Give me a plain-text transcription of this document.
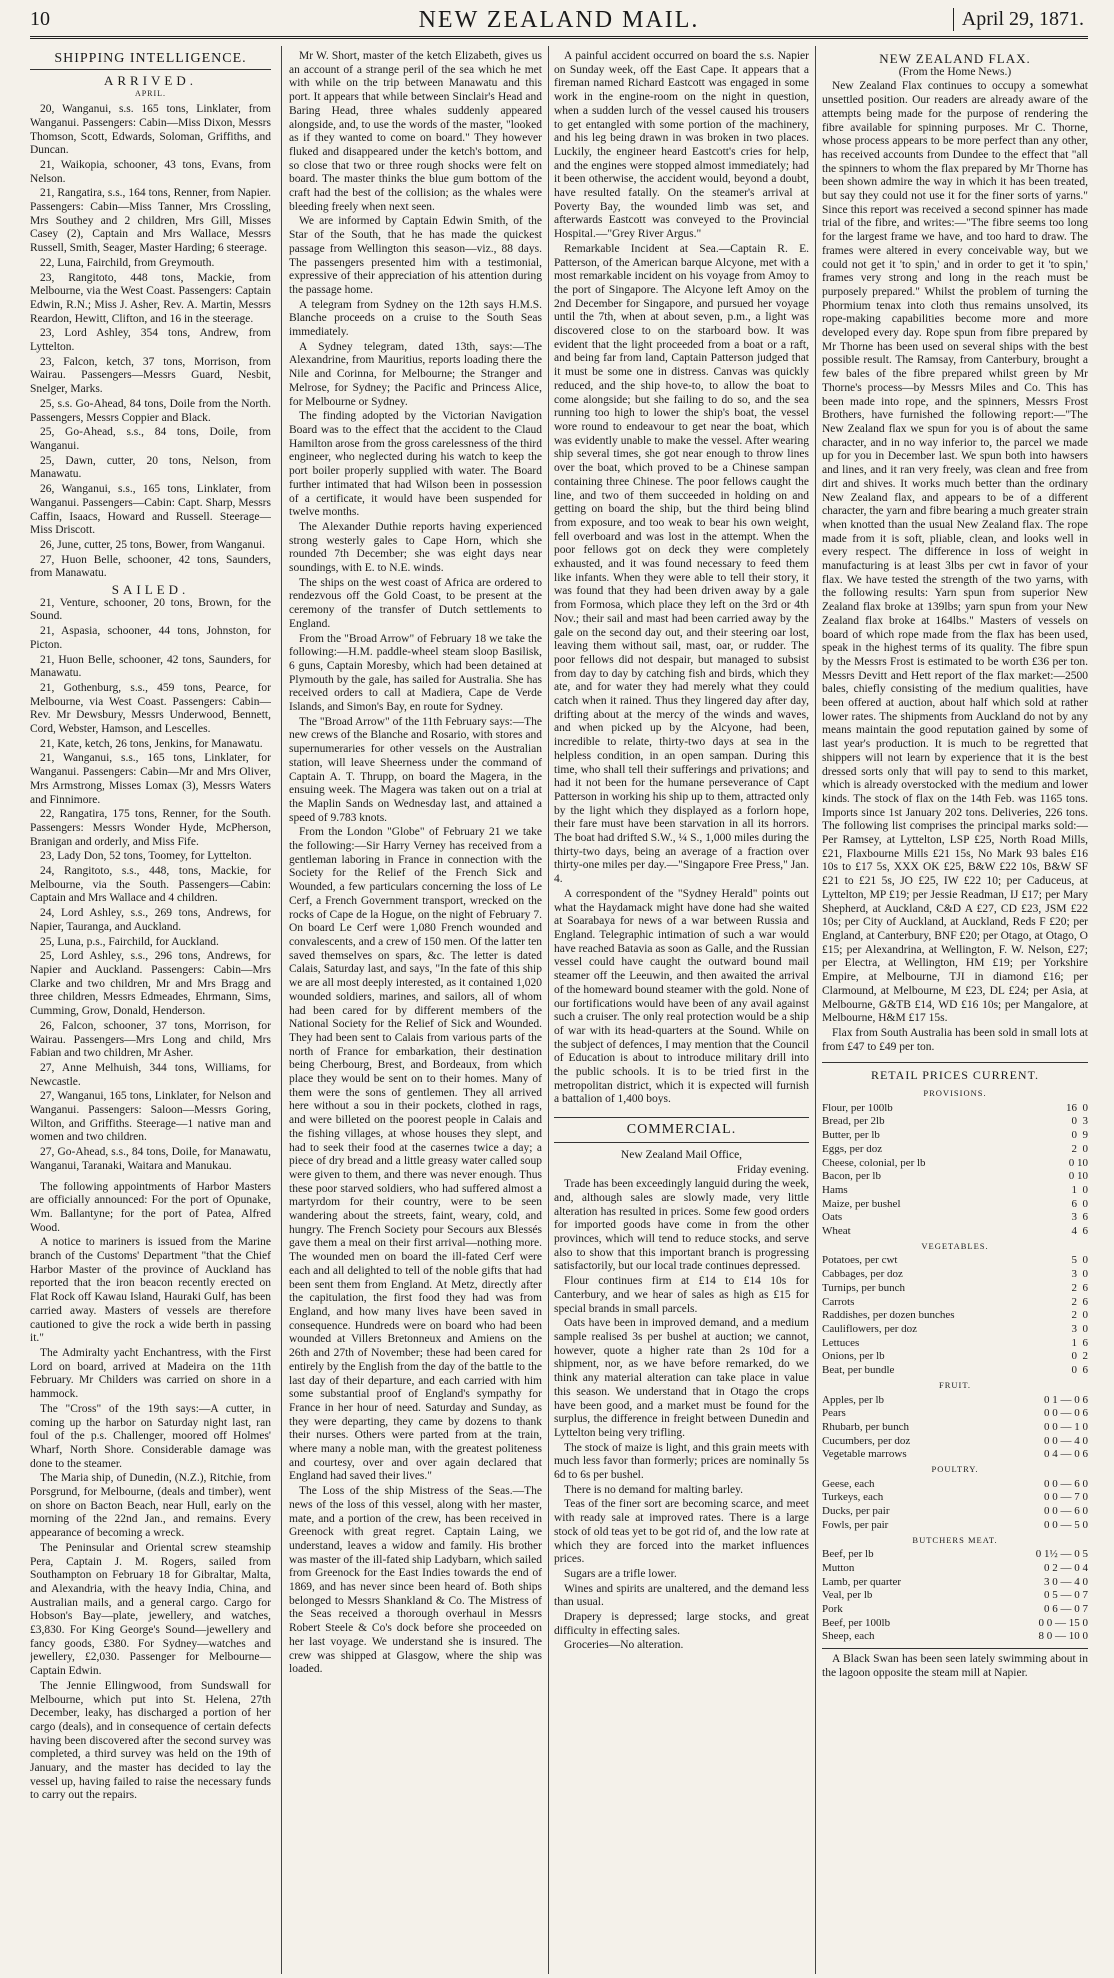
10	NEW ZEALAND MAIL.	April 29, 1871.
SHIPPING INTELLIGENCE.
ARRIVED.
APRIL.

20, Wanganui, s.s. 165 tons, Linklater, from Wanganui. Passengers: Cabin—Miss Dixon, Messrs Thomson, Scott, Edwards, Soloman, Griffiths, and Duncan.

21, Waikopia, schooner, 43 tons, Evans, from Nelson.

21, Rangatira, s.s., 164 tons, Renner, from Napier. Passengers: Cabin—Miss Tanner, Mrs Crossling, Mrs Southey and 2 children, Mrs Gill, Misses Casey (2), Captain and Mrs Wallace, Messrs Russell, Smith, Seager, Master Harding; 6 steerage.

22, Luna, Fairchild, from Greymouth.

23, Rangitoto, 448 tons, Mackie, from Melbourne, via the West Coast. Passengers: Captain Edwin, R.N.; Miss J. Asher, Rev. A. Martin, Messrs Reardon, Hewitt, Clifton, and 16 in the steerage.

23, Lord Ashley, 354 tons, Andrew, from Lyttelton.

23, Falcon, ketch, 37 tons, Morrison, from Wairau. Passengers—Messrs Guard, Nesbit, Snelger, Marks.

25, s.s. Go-Ahead, 84 tons, Doile from the North. Passengers, Messrs Coppier and Black.

25, Go-Ahead, s.s., 84 tons, Doile, from Wanganui.

25, Dawn, cutter, 20 tons, Nelson, from Manawatu.

26, Wanganui, s.s., 165 tons, Linklater, from Wanganui. Passengers—Cabin: Capt. Sharp, Messrs Caffin, Isaacs, Howard and Russell. Steerage—Miss Driscott.

26, June, cutter, 25 tons, Bower, from Wanganui.

27, Huon Belle, schooner, 42 tons, Saunders, from Manawatu.

SAILED.

21, Venture, schooner, 20 tons, Brown, for the Sound.

21, Aspasia, schooner, 44 tons, Johnston, for Picton.

21, Huon Belle, schooner, 42 tons, Saunders, for Manawatu.

21, Gothenburg, s.s., 459 tons, Pearce, for Melbourne, via West Coast. Passengers: Cabin—Rev. Mr Dewsbury, Messrs Underwood, Bennett, Cord, Webster, Hamson, and Lescelles.

21, Kate, ketch, 26 tons, Jenkins, for Manawatu.

21, Wanganui, s.s., 165 tons, Linklater, for Wanganui. Passengers: Cabin—Mr and Mrs Oliver, Mrs Armstrong, Misses Lomax (3), Messrs Waters and Finnimore.

22, Rangatira, 175 tons, Renner, for the South. Passengers: Messrs Wonder Hyde, McPherson, Branigan and orderly, and Miss Fife.

23, Lady Don, 52 tons, Toomey, for Lyttelton.

24, Rangitoto, s.s., 448, tons, Mackie, for Melbourne, via the South. Passengers—Cabin: Captain and Mrs Wallace and 4 children.

24, Lord Ashley, s.s., 269 tons, Andrews, for Napier, Tauranga, and Auckland.

25, Luna, p.s., Fairchild, for Auckland.

25, Lord Ashley, s.s., 296 tons, Andrews, for Napier and Auckland. Passengers: Cabin—Mrs Clarke and two children, Mr and Mrs Bragg and three children, Messrs Edmeades, Ehrmann, Sims, Cumming, Grow, Donald, Henderson.

26, Falcon, schooner, 37 tons, Morrison, for Wairau. Passengers—Mrs Long and child, Mrs Fabian and two children, Mr Asher.

27, Anne Melhuish, 344 tons, Williams, for Newcastle.

27, Wanganui, 165 tons, Linklater, for Nelson and Wanganui. Passengers: Saloon—Messrs Goring, Wilton, and Griffiths. Steerage—1 native man and women and two children.

27, Go-Ahead, s.s., 84 tons, Doile, for Manawatu, Wanganui, Taranaki, Waitara and Manukau.

The following appointments of Harbor Masters are officially announced: For the port of Opunake, Wm. Ballantyne; for the port of Patea, Alfred Wood.

A notice to mariners is issued from the Marine branch of the Customs' Department "that the Chief Harbor Master of the province of Auckland has reported that the iron beacon recently erected on Flat Rock off Kawau Island, Hauraki Gulf, has been carried away. Masters of vessels are therefore cautioned to give the rock a wide berth in passing it."

The Admiralty yacht Enchantress, with the First Lord on board, arrived at Madeira on the 11th February. Mr Childers was carried on shore in a hammock.

The "Cross" of the 19th says:—A cutter, in coming up the harbor on Saturday night last, ran foul of the p.s. Challenger, moored off Holmes' Wharf, North Shore. Considerable damage was done to the steamer.

The Maria ship, of Dunedin, (N.Z.), Ritchie, from Porsgrund, for Melbourne, (deals and timber), went on shore on Bacton Beach, near Hull, early on the morning of the 22nd Jan., and remains. Every appearance of becoming a wreck.

The Peninsular and Oriental screw steamship Pera, Captain J. M. Rogers, sailed from Southampton on February 18 for Gibraltar, Malta, and Alexandria, with the heavy India, China, and Australian mails, and a general cargo. Cargo for Hobson's Bay—plate, jewellery, and watches, £3,830. For King George's Sound—jewellery and fancy goods, £380. For Sydney—watches and jewellery, £2,030. Passenger for Melbourne—Captain Edwin.

The Jennie Ellingwood, from Sundswall for Melbourne, which put into St. Helena, 27th December, leaky, has discharged a portion of her cargo (deals), and in consequence of certain defects having been discovered after the second survey was completed, a third survey was held on the 19th of January, and the master has decided to lay the vessel up, having failed to raise the necessary funds to carry out the repairs.

Mr W. Short, master of the ketch Elizabeth, gives us an account of a strange peril of the sea which he met with while on the trip between Manawatu and this port. It appears that while between Sinclair's Head and Baring Head, three whales suddenly appeared alongside, and, to use the words of the master, "looked as if they wanted to come on board." They however fluked and disappeared under the ketch's bottom, and so close that two or three rough shocks were felt on board. The master thinks the blue gum bottom of the craft had the best of the collision; as the whales were bleeding freely when next seen.

We are informed by Captain Edwin Smith, of the Star of the South, that he has made the quickest passage from Wellington this season—viz., 88 days. The passengers presented him with a testimonial, expressive of their appreciation of his attention during the passage home.

A telegram from Sydney on the 12th says H.M.S. Blanche proceeds on a cruise to the South Seas immediately.

A Sydney telegram, dated 13th, says:—The Alexandrine, from Mauritius, reports loading there the Nile and Corinna, for Melbourne; the Stranger and Melrose, for Sydney; the Pacific and Princess Alice, for Melbourne or Sydney.

The finding adopted by the Victorian Navigation Board was to the effect that the accident to the Claud Hamilton arose from the gross carelessness of the third engineer, who neglected during his watch to keep the port boiler properly supplied with water. The Board further intimated that had Wilson been in possession of a certificate, it would have been suspended for twelve months.

The Alexander Duthie reports having experienced strong westerly gales to Cape Horn, which she rounded 7th December; she was eight days near soundings, with E. to N.E. winds.

The ships on the west coast of Africa are ordered to rendezvous off the Gold Coast, to be present at the ceremony of the transfer of Dutch settlements to England.

From the "Broad Arrow" of February 18 we take the following:—H.M. paddle-wheel steam sloop Basilisk, 6 guns, Captain Moresby, which had been detained at Plymouth by the gale, has sailed for Australia. She has received orders to call at Madiera, Cape de Verde Islands, and Simon's Bay, en route for Sydney.

The "Broad Arrow" of the 11th February says:—The new crews of the Blanche and Rosario, with stores and supernumeraries for other vessels on the Australian station, will leave Sheerness under the command of Captain A. T. Thrupp, on board the Magera, in the ensuing week. The Magera was taken out on a trial at the Maplin Sands on Wednesday last, and attained a speed of 9.783 knots.

From the London "Globe" of February 21 we take the following:—Sir Harry Verney has received from a gentleman laboring in France in connection with the Society for the Relief of the French Sick and Wounded, a few particulars concerning the loss of Le Cerf, a French Government transport, wrecked on the rocks of Cape de la Hogue, on the night of February 7. On board Le Cerf were 1,080 French wounded and convalescents, and a crew of 150 men. Of the latter ten saved themselves on spars, &c. The letter is dated Calais, Saturday last, and says, "In the fate of this ship we are all most deeply interested, as it contained 1,020 wounded soldiers, marines, and sailors, all of whom had been cared for by different members of the National Society for the Relief of Sick and Wounded. They had been sent to Calais from various parts of the north of France for embarkation, their destination being Cherbourg, Brest, and Bordeaux, from which place they would be sent on to their homes. Many of them were the sons of gentlemen. They all arrived here without a sou in their pockets, clothed in rags, and were billeted on the poorest people in Calais and the fishing villages, at whose houses they slept, and had to seek their food at the casernes twice a day; a piece of dry bread and a little greasy water called soup were given to them, and there was never enough. Thus these poor starved soldiers, who had suffered almost a martyrdom for their country, were to be seen wandering about the streets, faint, weary, cold, and hungry. The French Society pour Secours aux Blessés gave them a meal on their first arrival—nothing more. The wounded men on board the ill-fated Cerf were each and all delighted to tell of the noble gifts that had been sent them from England. At Metz, directly after the capitulation, the first food they had was from England, and how many lives have been saved in consequence. Hundreds were on board who had been wounded at Villers Bretonneux and Amiens on the 26th and 27th of November; these had been cared for entirely by the English from the day of the battle to the last day of their departure, and each carried with him some substantial proof of England's sympathy for France in her hour of need. Saturday and Sunday, as they were departing, they came by dozens to thank their nurses. Others were parted from at the train, where many a noble man, with the greatest politeness and courtesy, over and over again declared that England had saved their lives."

The Loss of the ship Mistress of the Seas.—The news of the loss of this vessel, along with her master, mate, and a portion of the crew, has been received in Greenock with great regret. Captain Laing, we understand, leaves a widow and family. His brother was master of the ill-fated ship Ladybarn, which sailed from Greenock for the East Indies towards the end of 1869, and has never since been heard of. Both ships belonged to Messrs Shankland & Co. The Mistress of the Seas received a thorough overhaul in Messrs Robert Steele & Co's dock before she proceeded on her last voyage. We understand she is insured. The crew was shipped at Glasgow, where the ship was loaded.

A painful accident occurred on board the s.s. Napier on Sunday week, off the East Cape. It appears that a fireman named Richard Eastcott was engaged in some work in the engine-room on the night in question, when a sudden lurch of the vessel caused his trousers to get entangled with some portion of the machinery, and his leg being drawn in was broken in two places. Luckily, the engineer heard Eastcott's cries for help, and the engines were stopped almost immediately; had it been otherwise, the accident would, beyond a doubt, have resulted fatally. On the steamer's arrival at Poverty Bay, the wounded limb was set, and afterwards Eastcott was conveyed to the Provincial Hospital.—"Grey River Argus."

Remarkable Incident at Sea.—Captain R. E. Patterson, of the American barque Alcyone, met with a most remarkable incident on his voyage from Amoy to the port of Singapore. The Alcyone left Amoy on the 2nd December for Singapore, and pursued her voyage until the 7th, when at about seven, p.m., a light was discovered close to on the starboard bow. It was evident that the light proceeded from a boat or a raft, and being far from land, Captain Patterson judged that it must be some one in distress. Canvas was quickly reduced, and the ship hove-to, to allow the boat to come alongside; but she failing to do so, and the sea running too high to lower the ship's boat, the vessel wore round to endeavour to get near the boat, which was evidently unable to make the vessel. After wearing ship several times, she got near enough to throw lines over the boat, which proved to be a Chinese sampan containing three Chinese. The poor fellows caught the line, and two of them succeeded in holding on and getting on board the ship, but the third being blind from exposure, and too weak to bear his own weight, fell overboard and was lost in the attempt. When the poor fellows got on deck they were completely exhausted, and it was found necessary to feed them like infants. When they were able to tell their story, it was found that they had been driven away by a gale from Formosa, which place they left on the 3rd or 4th Nov.; their sail and mast had been carried away by the gale on the second day out, and their steering oar lost, leaving them without sail, mast, oar, or rudder. The poor fellows did not despair, but managed to subsist from day to day by catching fish and birds, which they ate, and for water they had merely what they could catch when it rained. Thus they lingered day after day, drifting about at the mercy of the winds and waves, and when picked up by the Alcyone, had been, incredible to relate, thirty-two days at sea in the helpless condition, in an open sampan. During this time, who shall tell their sufferings and privations; and had it not been for the humane perseverance of Capt Patterson in working his ship up to them, attracted only by the light which they displayed as a forlorn hope, their fare must have been starvation in all its horrors. The boat had drifted S.W., ¼ S., 1,000 miles during the thirty-two days, being an average of a fraction over thirty-one miles per day.—"Singapore Free Press," Jan. 4.

A correspondent of the "Sydney Herald" points out what the Haydamack might have done had she waited at Soarabaya for news of a war between Russia and England. Telegraphic intimation of such a war would have reached Batavia as soon as Galle, and the Russian vessel could have caught the outward bound mail steamer off the Leeuwin, and then awaited the arrival of the homeward bound steamer with the gold. None of our fortifications would have been of any avail against such a cruiser. The only real protection would be a ship of war with its head-quarters at the Sound. While on the subject of defences, I may mention that the Council of Education is about to introduce military drill into the public schools. It is to be tried first in the metropolitan district, which it is expected will furnish a battalion of 1,400 boys.

COMMERCIAL.

New Zealand Mail Office,

Friday evening.

Trade has been exceedingly languid during the week, and, although sales are slowly made, very little alteration has resulted in prices. Some few good orders for imported goods have come in from the other provinces, which will tend to reduce stocks, and serve also to show that this important branch is progressing satisfactorily, but our local trade continues depressed.

Flour continues firm at £14 to £14 10s for Canterbury, and we hear of sales as high as £15 for special brands in small parcels.

Oats have been in improved demand, and a medium sample realised 3s per bushel at auction; we cannot, however, quote a higher rate than 2s 10d for a shipment, nor, as we have before remarked, do we think any material alteration can take place in value this season. We understand that in Otago the crops have been good, and a market must be found for the surplus, the difference in freight between Dunedin and Lyttelton being very trifling.

The stock of maize is light, and this grain meets with much less favor than formerly; prices are nominally 5s 6d to 6s per bushel.

There is no demand for malting barley.

Teas of the finer sort are becoming scarce, and meet with ready sale at improved rates. There is a large stock of old teas yet to be got rid of, and the low rate at which they are forced into the market influences prices.

Sugars are a trifle lower.

Wines and spirits are unaltered, and the demand less than usual.

Drapery is depressed; large stocks, and great difficulty in effecting sales.

Groceries—No alteration.

NEW ZEALAND FLAX.

(From the Home News.)

New Zealand Flax continues to occupy a somewhat unsettled position. Our readers are already aware of the attempts being made for the purpose of rendering the fibre available for spinning purposes. Mr C. Thorne, whose process appears to be more perfect than any other, has received accounts from Dundee to the effect that "all the spinners to whom the flax prepared by Mr Thorne has been shown admire the way in which it has been treated, but say they could not use it for the finer sorts of yarns." Since this report was received a second spinner has made trial of the fibre, and writes:—"The fibre seems too long for the largest frame we have, and too hard to draw. The frames were altered in every conceivable way, but we could not get it 'to spin,' and in order to get it 'to spin,' frames very strong and long in the reach must be purposely prepared." Whilst the problem of turning the Phormium tenax into cloth thus remains unsolved, its rope-making capabilities become more and more developed every day. Rope spun from fibre prepared by Mr Thorne has been used on several ships with the best possible result. The Ramsay, from Canterbury, brought a few bales of the fibre prepared whilst green by Mr Thorne's process—by Messrs Miles and Co. This has been made into rope, and the spinners, Messrs Frost Brothers, have furnished the following report:—"The New Zealand flax we spun for you is of about the same character, and in no way inferior to, the parcel we made up for you in December last. We spun both into hawsers and lines, and it ran very freely, was clean and free from dirt and shives. It works much better than the ordinary New Zealand flax, and appears to be of a different character, the yarn and fibre bearing a much greater strain when knotted than the usual New Zealand flax. The rope made from it is soft, pliable, clean, and looks well in every respect. The difference in loss of weight in manufacturing is at least 3lbs per cwt in favor of your flax. We have tested the strength of the two yarns, with the following results: Yarn spun from superior New Zealand flax broke at 139lbs; yarn spun from your New Zealand flax broke at 164lbs." Masters of vessels on board of which rope made from the flax has been used, speak in the highest terms of its quality. The fibre spun by the Messrs Frost is estimated to be worth £36 per ton. Messrs Devitt and Hett report of the flax market:—2500 bales, chiefly consisting of the medium qualities, have been offered at auction, about half which sold at rather lower rates. The shipments from Auckland do not by any means maintain the good reputation gained by some of last year's production. It is much to be regretted that shippers will not learn by experience that it is the best dressed sorts only that will pay to send to this market, which is already overstocked with the medium and lower kinds. The stock of flax on the 14th Feb. was 1165 tons. Imports since 1st January 202 tons. Deliveries, 226 tons. The following list comprises the principal marks sold:—Per Ramsey, at Lyttelton, LSP £25, North Road Mills, £21, Flaxbourne Mills £21 15s, No Mark 93 bales £16 10s to £17 5s, XXX OK £25, B&W £22 10s, B&W SF £21 to £21 5s, JO £25, IW £22 10; per Caduceus, at Lyttelton, MP £19; per Jessie Readman, IJ £17; per Mary Shepherd, at Auckland, C&D A £27, CD £23, JSM £22 10s; per City of Auckland, at Auckland, Reds F £20; per England, at Canterbury, BNF £20; per Otago, at Otago, O £15; per Alexandrina, at Wellington, F. W. Nelson, £27; per Electra, at Wellington, HM £19; per Yorkshire Empire, at Melbourne, TJI in diamond £16; per Clarmound, at Melbourne, M £23, DL £24; per Asia, at Melbourne, G&TB £14, WD £16 10s; per Mangalore, at Melbourne, H&M £17 15s.

Flax from South Australia has been sold in small lots at from £47 to £49 per ton.

RETAIL PRICES CURRENT.
PROVISIONS.
Flour, per 100lb	16  0
Bread, per 2lb	0  3
Butter, per lb	0  9
Eggs, per doz	2  0
Cheese, colonial, per lb	0 10
Bacon, per lb	0 10
Hams	1  0
Maize, per bushel	6  0
Oats	3  6
Wheat	4  6
VEGETABLES.
Potatoes, per cwt	5  0
Cabbages, per doz	3  0
Turnips, per bunch	2  6
Carrots	2  6
Raddishes, per dozen bunches	2  0
Cauliflowers, per doz	3  0
Lettuces	1  6
Onions, per lb	0  2
Beat, per bundle	0  6
FRUIT.
Apples, per lb	0 1 — 0 6
Pears	0 0 — 0 6
Rhubarb, per bunch	0 0 — 1 0
Cucumbers, per doz	0 0 — 4 0
Vegetable marrows	0 4 — 0 6
POULTRY.
Geese, each	0 0 — 6 0
Turkeys, each	0 0 — 7 0
Ducks, per pair	0 0 — 6 0
Fowls, per pair	0 0 — 5 0
BUTCHERS MEAT.
Beef, per lb	0 1½ — 0 5
Mutton	0 2 — 0 4
Lamb, per quarter	3 0 — 4 0
Veal, per lb	0 5 — 0 7
Pork	0 6 — 0 7
Beef, per 100lb	0 0 — 15 0
Sheep, each	8 0 — 10 0

A Black Swan has been seen lately swimming about in the lagoon opposite the steam mill at Napier.
